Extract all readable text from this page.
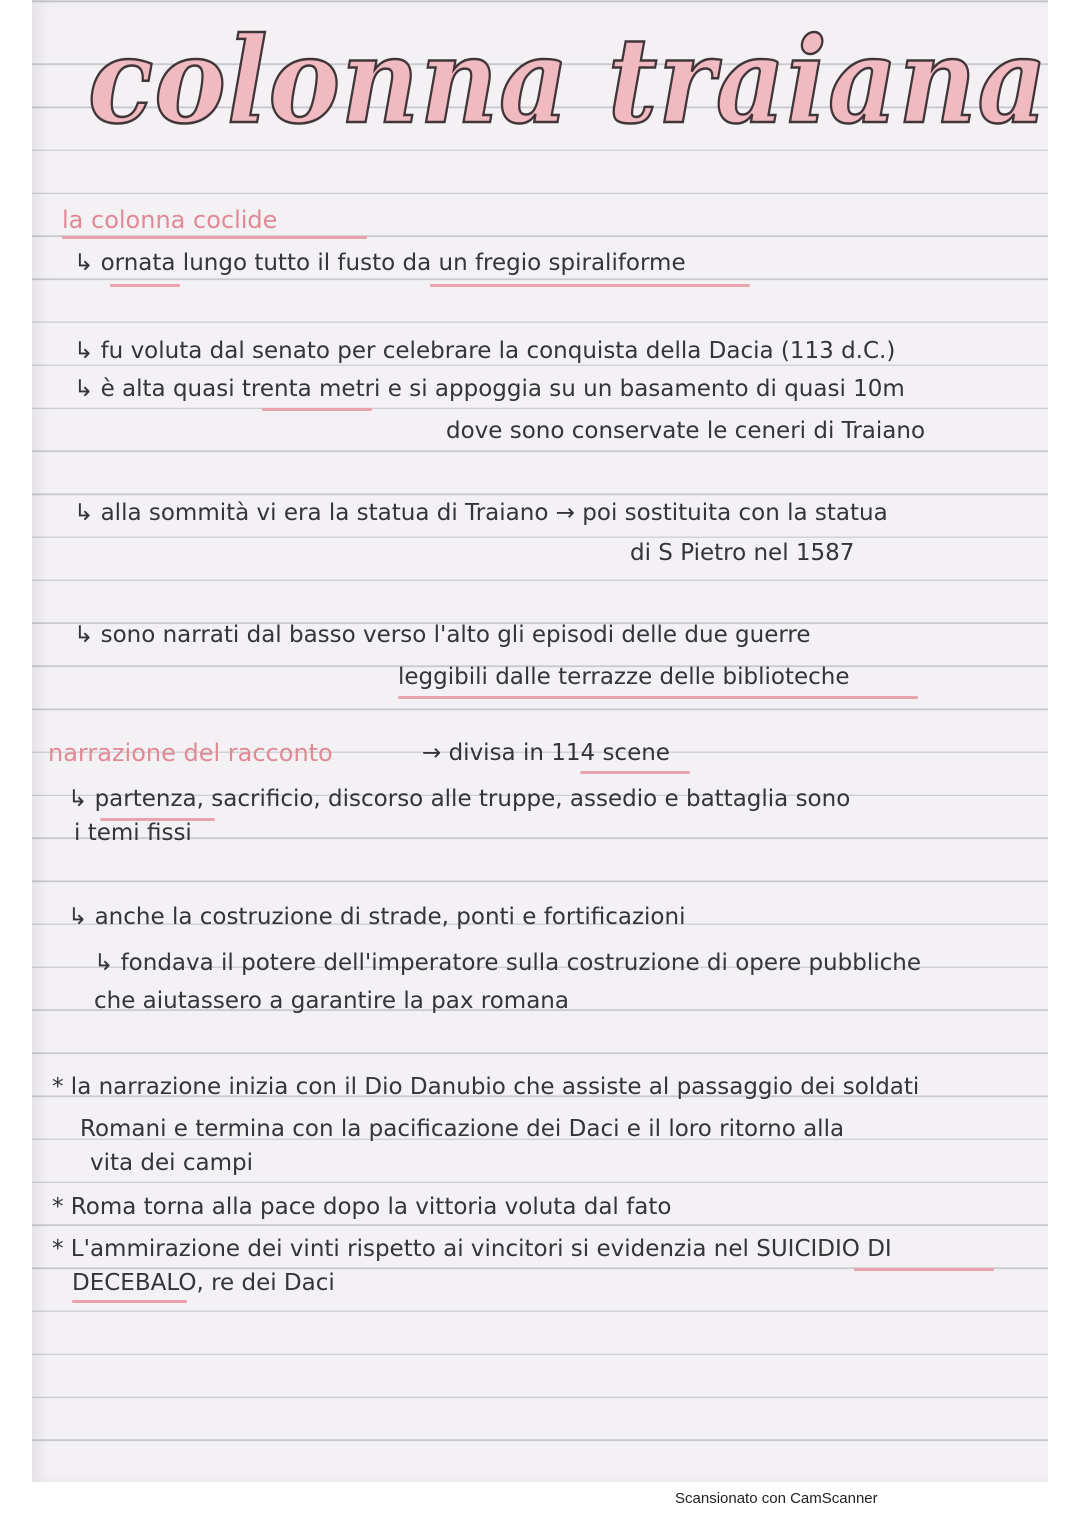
colonna traiana
la colonna coclide
↳ ornata lungo tutto il fusto da un fregio spiraliforme
↳ fu voluta dal senato per celebrare la conquista della Dacia (113 d.C.)
↳ è alta quasi trenta metri e si appoggia su un basamento di quasi 10m
dove sono conservate le ceneri di Traiano
↳ alla sommità vi era la statua di Traiano → poi sostituita con la statua
di S Pietro nel 1587
↳ sono narrati dal basso verso l'alto gli episodi delle due guerre
leggibili dalle terrazze delle biblioteche
narrazione del racconto	→ divisa in 114 scene
↳ partenza, sacrificio, discorso alle truppe, assedio e battaglia sono
i temi fissi
↳ anche la costruzione di strade, ponti e fortificazioni
↳ fondava il potere dell'imperatore sulla costruzione di opere pubbliche
che aiutassero a garantire la pax romana
* la narrazione inizia con il Dio Danubio che assiste al passaggio dei soldati
Romani e termina con la pacificazione dei Daci e il loro ritorno alla
vita dei campi
* Roma torna alla pace dopo la vittoria voluta dal fato
* L'ammirazione dei vinti rispetto ai vincitori si evidenzia nel SUICIDIO DI
DECEBALO, re dei Daci
Scansionato con CamScanner
